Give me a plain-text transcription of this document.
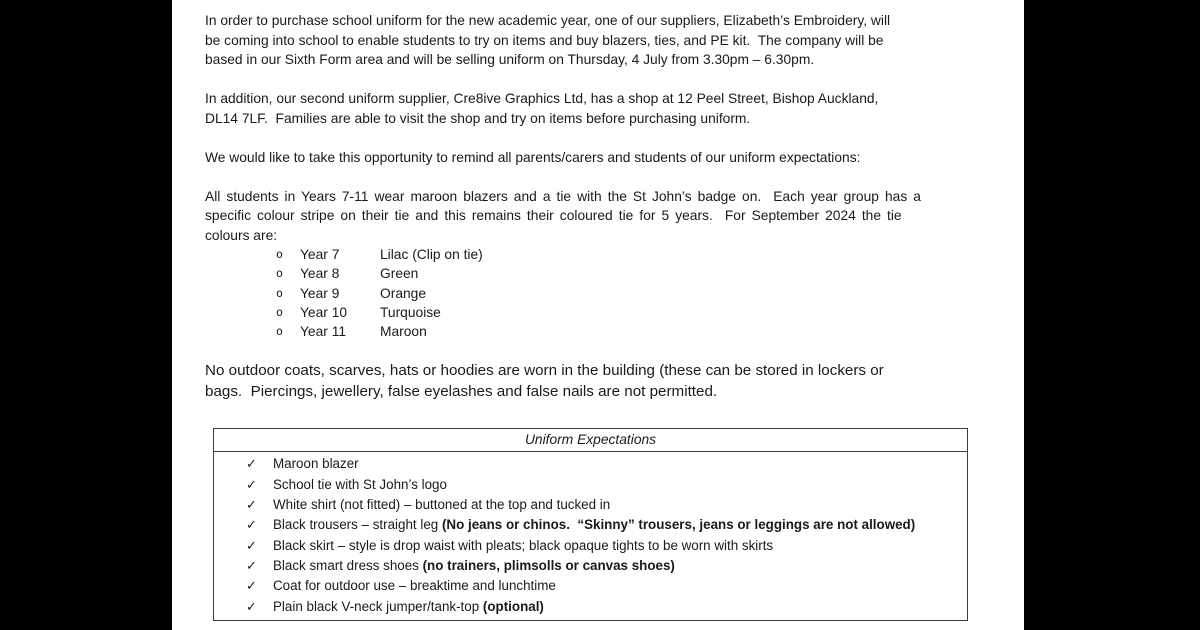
In order to purchase school uniform for the new academic year, one of our suppliers, Elizabeth’s Embroidery, will
be coming into school to enable students to try on items and buy blazers, ties, and PE kit.  The company will be
based in our Sixth Form area and will be selling uniform on Thursday, 4 July from 3.30pm – 6.30pm.
In addition, our second uniform supplier, Cre8ive Graphics Ltd, has a shop at 12 Peel Street, Bishop Auckland,
DL14 7LF.  Families are able to visit the shop and try on items before purchasing uniform.
We would like to take this opportunity to remind all parents/carers and students of our uniform expectations:
All students in Years 7-11 wear maroon blazers and a tie with the St John’s badge on.  Each year group has a
specific colour stripe on their tie and this remains their coloured tie for 5 years.  For September 2024 the tie
colours are:
o	Year 7	Lilac (Clip on tie)
o	Year 8	Green
o	Year 9	Orange
o	Year 10	Turquoise
o	Year 11	Maroon
No outdoor coats, scarves, hats or hoodies are worn in the building (these can be stored in lockers or
bags.  Piercings, jewellery, false eyelashes and false nails are not permitted.
Uniform Expectations
✓	Maroon blazer
✓	School tie with St John’s logo
✓	White shirt (not fitted) – buttoned at the top and tucked in
✓	Black trousers – straight leg (No jeans or chinos.  “Skinny” trousers, jeans or leggings are not allowed)
✓	Black skirt – style is drop waist with pleats; black opaque tights to be worn with skirts
✓	Black smart dress shoes (no trainers, plimsolls or canvas shoes)
✓	Coat for outdoor use – breaktime and lunchtime
✓	Plain black V-neck jumper/tank-top (optional)
